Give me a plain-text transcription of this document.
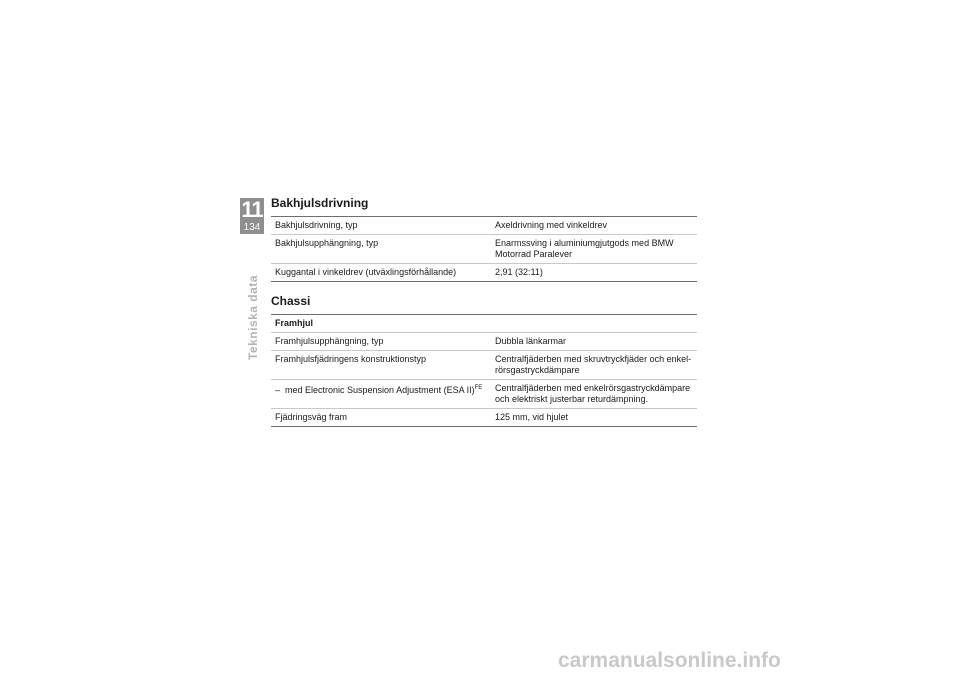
11
134
Tekniska data
Bakhjulsdrivning
Bakhjulsdrivning, typ	Axeldrivning med vinkeldrev
Bakhjulsupphängning, typ	Enarmssving i aluminiumgjutgods med BMW Motorrad Paralever
Kuggantal i vinkeldrev (utväxlingsförhållande)	2,91 (32:11)
Chassi
Framhjul	
Framhjulsupphängning, typ	Dubbla länkarmar
Framhjulsfjädringens konstruktionstyp	Centralfjäderben med skruvtryckfjäder och enkel-rörsgastryckdämpare
– med Electronic Suspension Adjustment (ESA II)$^{FE}$	Centralfjäderben med enkelrörsgastryckdämpare och elektriskt justerbar returdämpning.
Fjädringsväg fram	125 mm, vid hjulet
carmanualsonline.info
